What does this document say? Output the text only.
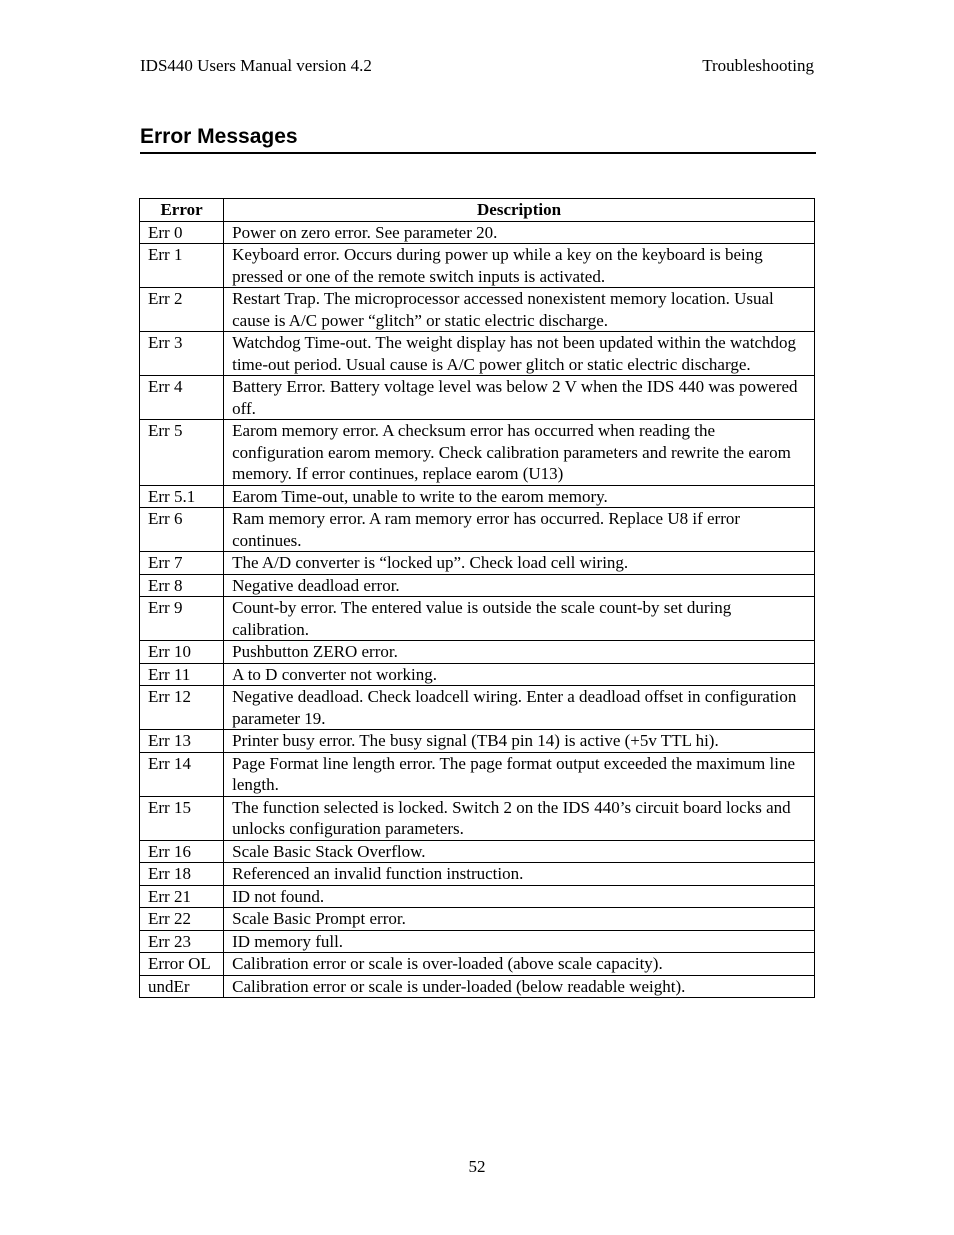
IDS440 Users Manual version 4.2	Troubleshooting
Error Messages
Error	Description
Err 0	Power on zero error. See parameter 20.
Err 1	Keyboard error. Occurs during power up while a key on the keyboard is being pressed or one of the remote switch inputs is activated.
Err 2	Restart Trap. The microprocessor accessed nonexistent memory location. Usual cause is A/C power “glitch” or static electric discharge.
Err 3	Watchdog Time-out. The weight display has not been updated within the watchdog time-out period. Usual cause is A/C power glitch or static electric discharge.
Err 4	Battery Error. Battery voltage level was below 2 V when the IDS 440 was powered off.
Err 5	Earom memory error. A checksum error has occurred when reading the configuration earom memory. Check calibration parameters and rewrite the earom memory. If error continues, replace earom (U13)
Err 5.1	Earom Time-out, unable to write to the earom memory.
Err 6	Ram memory error. A ram memory error has occurred. Replace U8 if error continues.
Err 7	The A/D converter is “locked up”. Check load cell wiring.
Err 8	Negative deadload error.
Err 9	Count-by error. The entered value is outside the scale count-by set during calibration.
Err 10	Pushbutton ZERO error.
Err 11	A to D converter not working.
Err 12	Negative deadload. Check loadcell wiring. Enter a deadload offset in configuration parameter 19.
Err 13	Printer busy error. The busy signal (TB4 pin 14) is active (+5v TTL hi).
Err 14	Page Format line length error. The page format output exceeded the maximum line length.
Err 15	The function selected is locked. Switch 2 on the IDS 440’s circuit board locks and unlocks configuration parameters.
Err 16	Scale Basic Stack Overflow.
Err 18	Referenced an invalid function instruction.
Err 21	ID not found.
Err 22	Scale Basic Prompt error.
Err 23	ID memory full.
Error OL	Calibration error or scale is over-loaded (above scale capacity).
undEr	Calibration error or scale is under-loaded (below readable weight).
52
